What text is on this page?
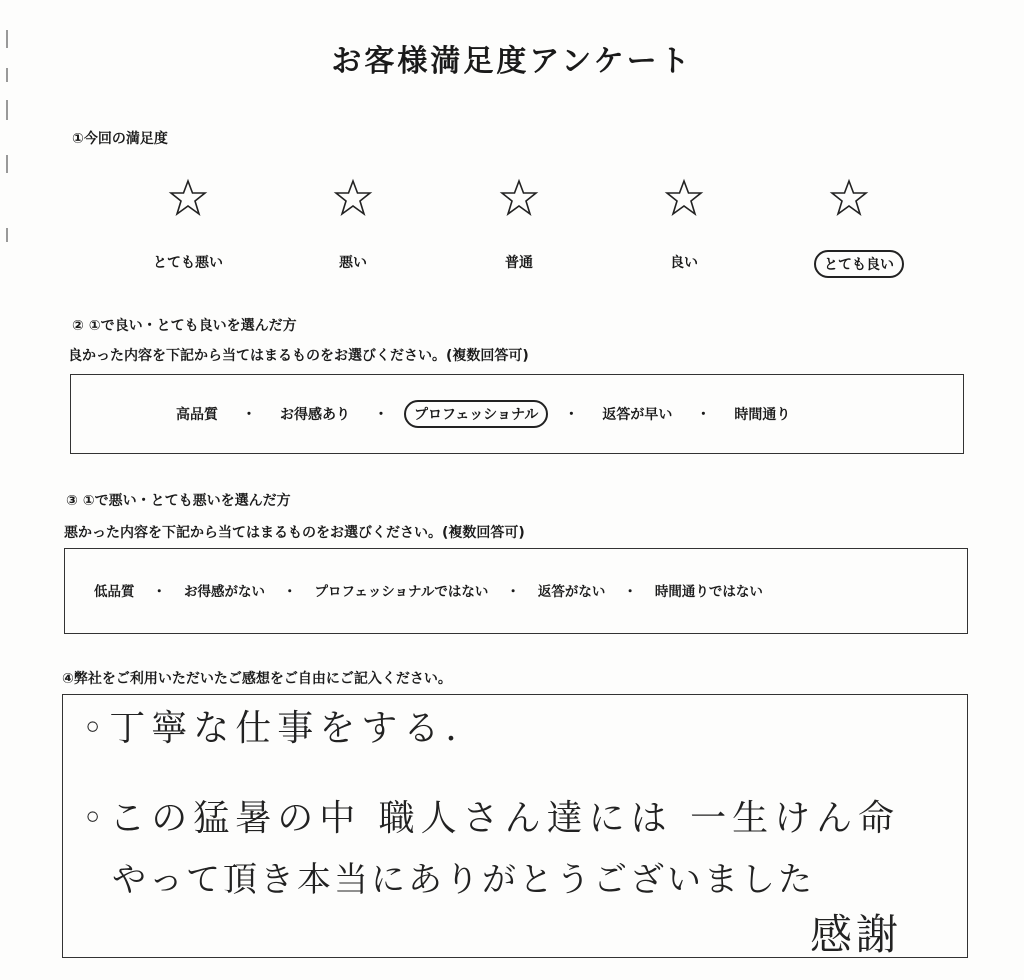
お客様満足度アンケート
①今回の満足度
とても悪い	悪い	普通	良い	とても良い
② ①で良い・とても良いを選んだ方
良かった内容を下記から当てはまるものをお選びください。(複数回答可)
高品質	・	お得感あり	・	プロフェッショナル	・	返答が早い	・	時間通り
③ ①で悪い・とても悪いを選んだ方
悪かった内容を下記から当てはまるものをお選びください。(複数回答可)
低品質	・	お得感がない	・	プロフェッショナルではない	・	返答がない	・	時間通りではない
④弊社をご利用いただいたご感想をご自由にご記入ください。
◦丁寧な仕事をする.
◦この猛暑の中 職人さん達には 一生けん命
やって頂き本当にありがとうございました
感謝
